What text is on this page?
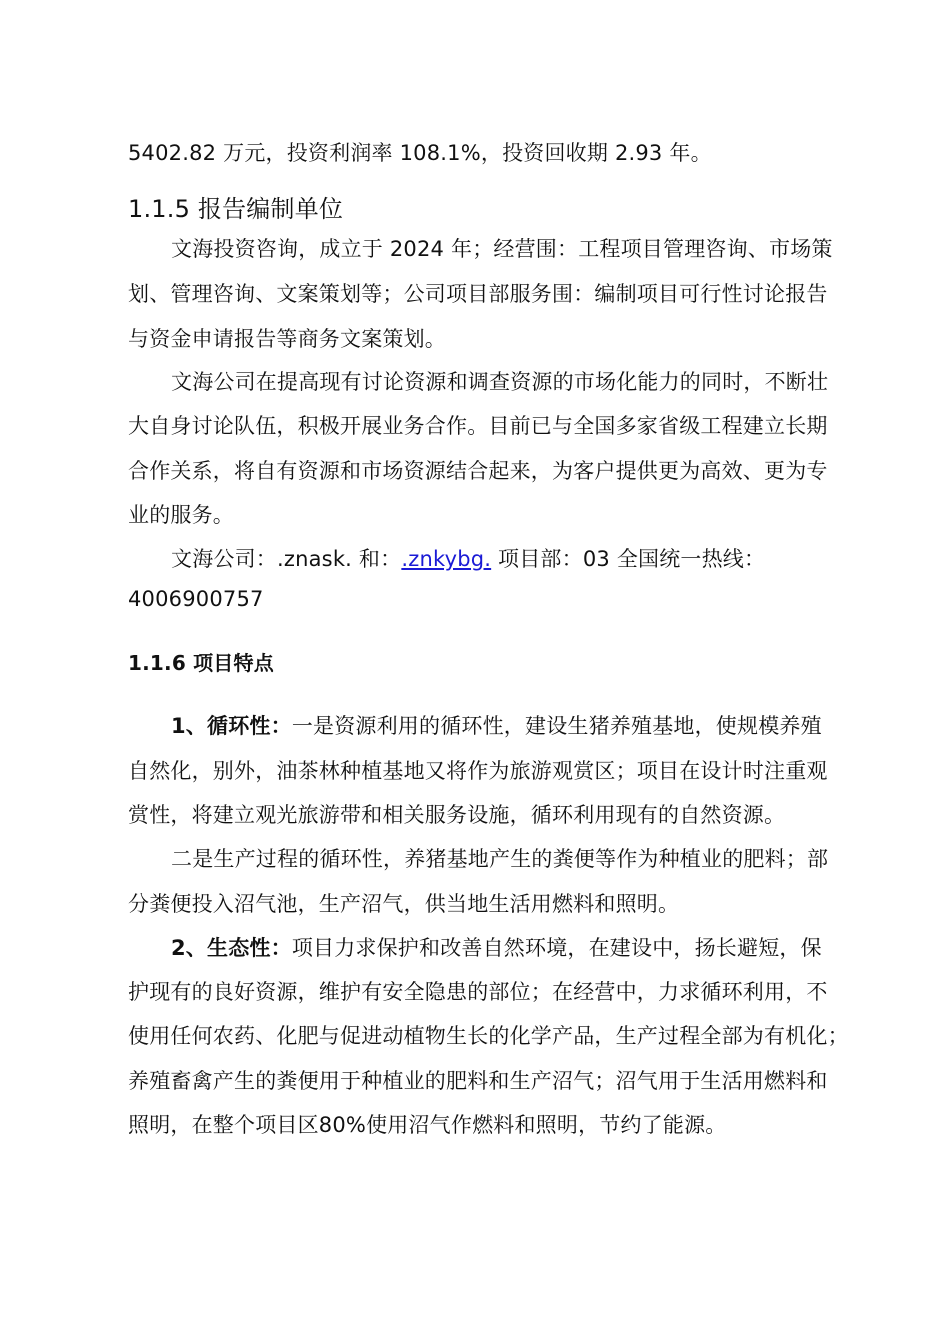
5402.82 万元，投资利润率 108.1%，投资回收期 2.93 年。
1.1.5 报告编制单位
文海投资咨询，成立于 2024 年；经营围：工程项目管理咨询、市场策
划、管理咨询、文案策划等；公司项目部服务围：编制项目可行性讨论报告
与资金申请报告等商务文案策划。
文海公司在提高现有讨论资源和调查资源的市场化能力的同时，不断壮
大自身讨论队伍，积极开展业务合作。目前已与全国多家省级工程建立长期
合作关系，将自有资源和市场资源结合起来，为客户提供更为高效、更为专
业的服务。
文海公司：.znask. 和：.znkybg. 项目部：03 全国统一热线：
4006900757
1.1.6 项目特点
1、循环性：一是资源利用的循环性，建设生猪养殖基地，使规模养殖
自然化，别外，油茶林种植基地又将作为旅游观赏区；项目在设计时注重观
赏性，将建立观光旅游带和相关服务设施，循环利用现有的自然资源。
二是生产过程的循环性，养猪基地产生的粪便等作为种植业的肥料；部
分粪便投入沼气池，生产沼气，供当地生活用燃料和照明。
2、生态性：项目力求保护和改善自然环境，在建设中，扬长避短，保
护现有的良好资源，维护有安全隐患的部位；在经营中，力求循环利用，不
使用任何农药、化肥与促进动植物生长的化学产品，生产过程全部为有机化；
养殖畜禽产生的粪便用于种植业的肥料和生产沼气；沼气用于生活用燃料和
照明，在整个项目区80%使用沼气作燃料和照明，节约了能源。
